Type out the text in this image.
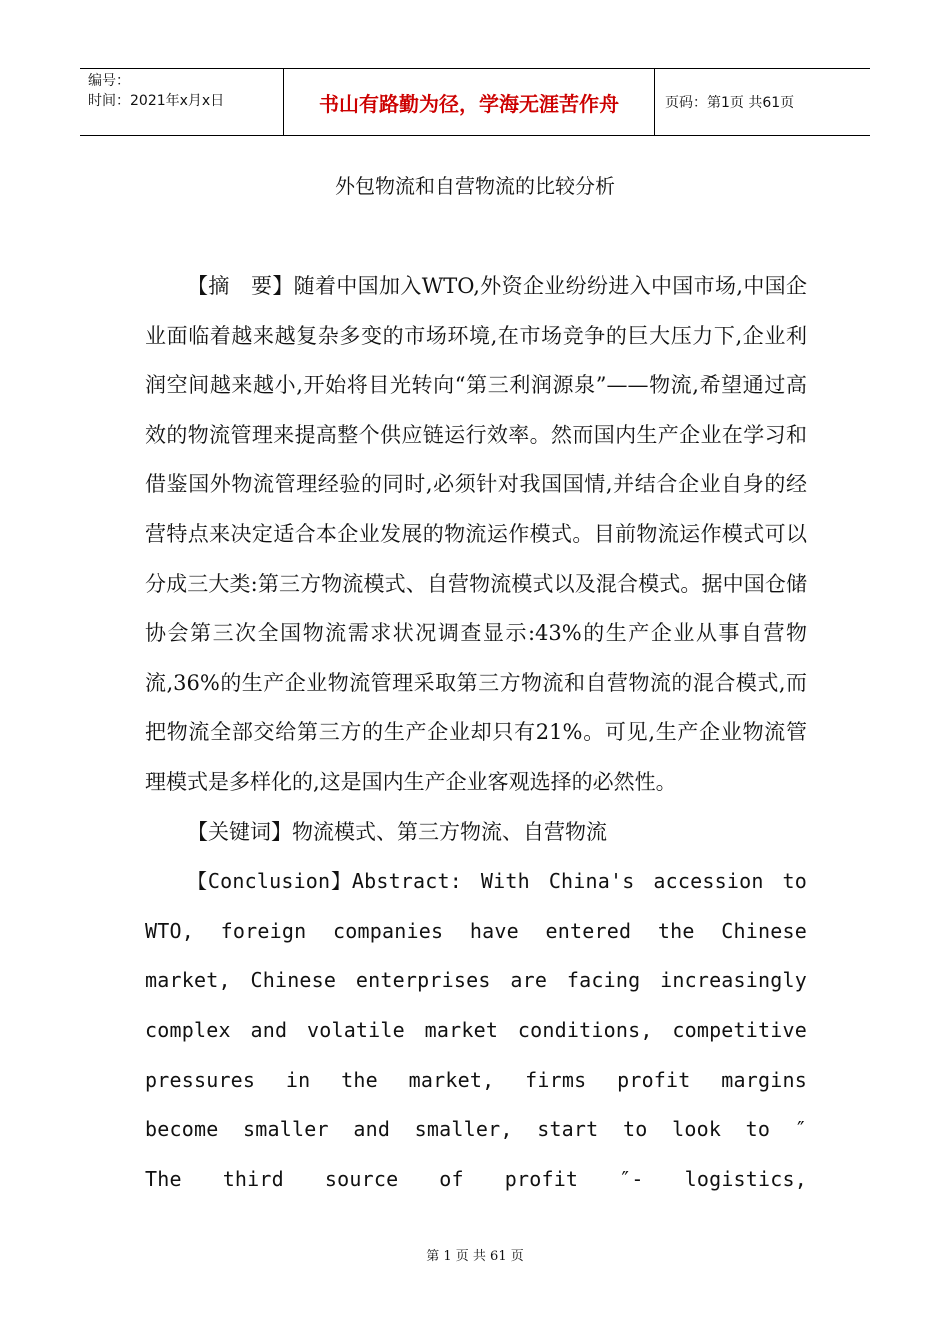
编号：
时间：2021年x月x日	书山有路勤为径，学海无涯苦作舟	页码：第1页 共61页
外包物流和自营物流的比较分析

【摘　要】随着中国加入WTO,外资企业纷纷进入中国市场,中国企业面临着越来越复杂多变的市场环境,在市场竞争的巨大压力下,企业利润空间越来越小,开始将目光转向“第三利润源泉”——物流,希望通过高效的物流管理来提高整个供应链运行效率。然而国内生产企业在学习和借鉴国外物流管理经验的同时,必须针对我国国情,并结合企业自身的经营特点来决定适合本企业发展的物流运作模式。目前物流运作模式可以分成三大类:第三方物流模式、自营物流模式以及混合模式。据中国仓储协会第三次全国物流需求状况调查显示:43%的生产企业从事自营物流,36%的生产企业物流管理采取第三方物流和自营物流的混合模式,而把物流全部交给第三方的生产企业却只有21%。可见,生产企业物流管理模式是多样化的,这是国内生产企业客观选择的必然性。

【关键词】物流模式、第三方物流、自营物流

【Conclusion】Abstract: With China's accession to WTO, foreign companies have entered the Chinese market, Chinese enterprises are facing increasingly complex and volatile market conditions, competitive pressures in the market, firms profit margins become smaller and smaller, start to look to ″ The third source of profit ″- logistics,

第 1 页 共 61 页
